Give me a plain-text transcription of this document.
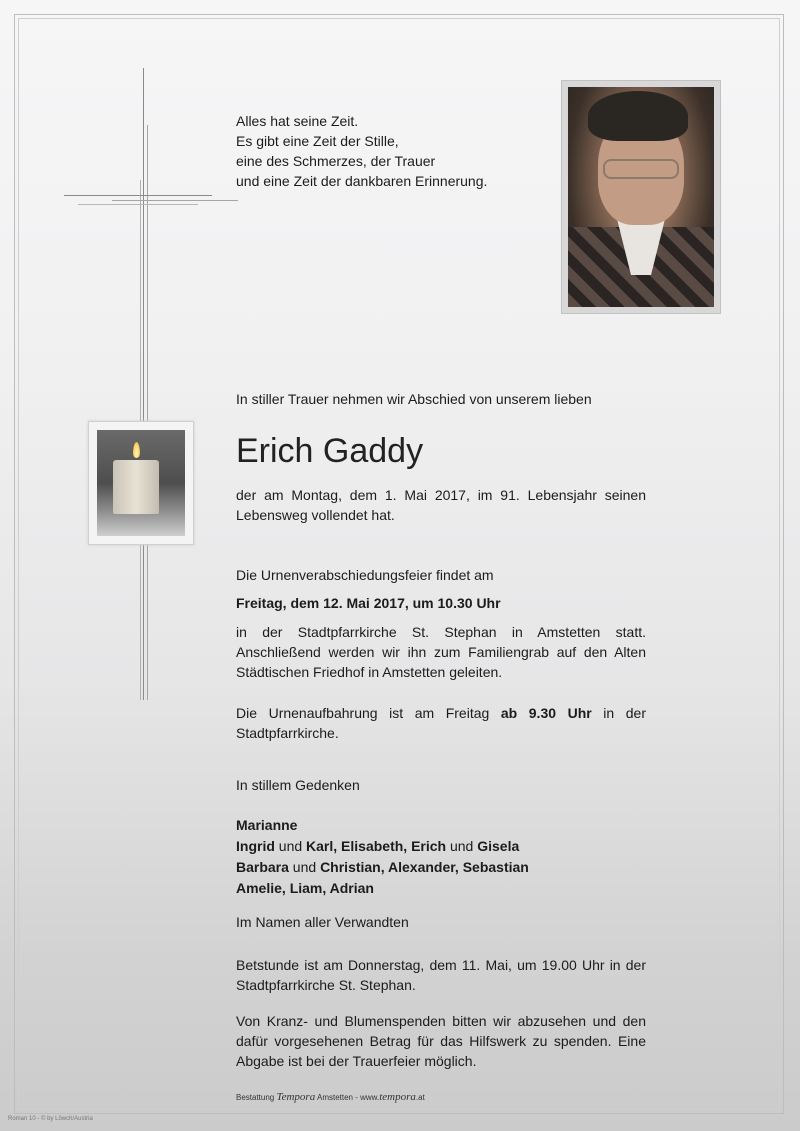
Alles hat seine Zeit.
Es gibt eine Zeit der Stille,
eine des Schmerzes, der Trauer
und eine Zeit der dankbaren Erinnerung.
In stiller Trauer nehmen wir Abschied von unserem lieben
Erich Gaddy
der am Montag, dem 1. Mai 2017, im 91. Lebensjahr seinen Lebensweg vollendet hat.
Die Urnenverabschiedungsfeier findet am
Freitag, dem 12. Mai 2017, um 10.30 Uhr
in der Stadtpfarrkirche St. Stephan in Amstetten statt. Anschließend werden wir ihn zum Familiengrab auf den Alten Städtischen Friedhof in Amstetten geleiten.
Die Urnenaufbahrung ist am Freitag ab 9.30 Uhr in der Stadtpfarrkirche.
In stillem Gedenken
Marianne
Ingrid und Karl, Elisabeth, Erich und Gisela
Barbara und Christian, Alexander, Sebastian
Amelie, Liam, Adrian
Im Namen aller Verwandten
Betstunde ist am Donnerstag, dem 11. Mai, um 19.00 Uhr in der Stadtpfarrkirche St. Stephan.
Von Kranz- und Blumenspenden bitten wir abzusehen und den dafür vorgesehenen Betrag für das Hilfswerk zu spenden. Eine Abgabe ist bei der Trauerfeier möglich.
Bestattung Tempora Amstetten - www.tempora.at
Roman 10 - © by Löwch/Austria
